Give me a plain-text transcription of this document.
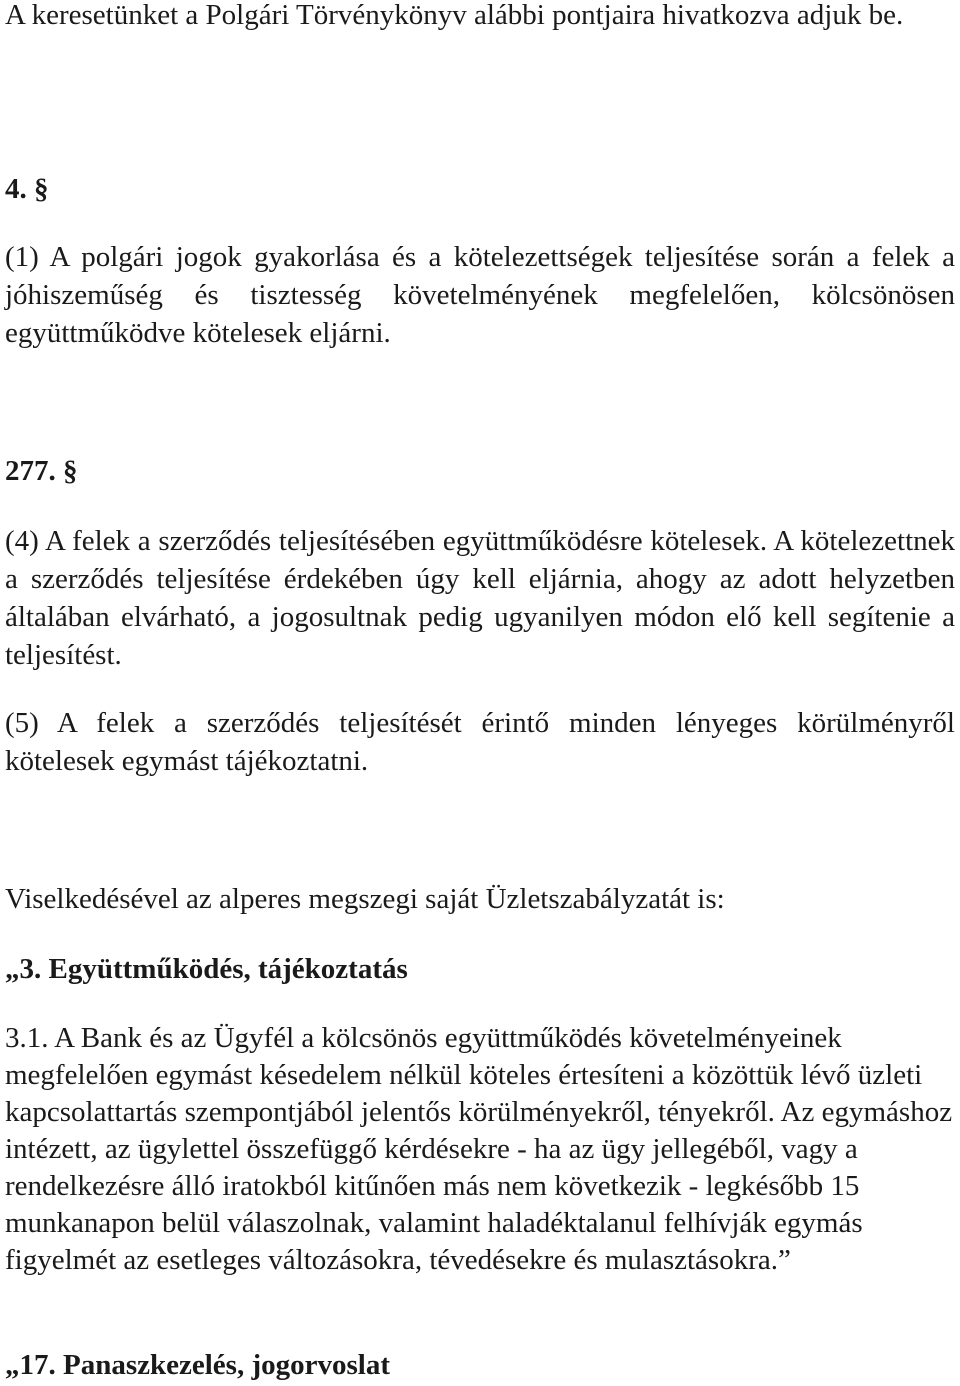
A keresetünket a Polgári Törvénykönyv alábbi pontjaira hivatkozva adjuk be.

4. §

(1) A polgári jogok gyakorlása és a kötelezettségek teljesítése során a felek a jóhiszeműség és tisztesség követelményének megfelelően, kölcsönösen együttműködve kötelesek eljárni.

277. §

(4) A felek a szerződés teljesítésében együttműködésre kötelesek. A kötelezettnek a szerződés teljesítése érdekében úgy kell eljárnia, ahogy az adott helyzetben általában elvárható, a jogosultnak pedig ugyanilyen módon elő kell segítenie a teljesítést.

(5) A felek a szerződés teljesítését érintő minden lényeges körülményről kötelesek egymást tájékoztatni.

Viselkedésével az alperes megszegi saját Üzletszabályzatát is:

„3. Együttműködés, tájékoztatás

3.1. A Bank és az Ügyfél a kölcsönös együttműködés követelményeinek megfelelően egymást késedelem nélkül köteles értesíteni a közöttük lévő üzleti kapcsolattartás szempontjából jelentős körülményekről, tényekről. Az egymáshoz intézett, az ügylettel összefüggő kérdésekre - ha az ügy jellegéből, vagy a rendelkezésre álló iratokból kitűnően más nem következik - legkésőbb 15 munkanapon belül válaszolnak, valamint haladéktalanul felhívják egymás figyelmét az esetleges változásokra, tévedésekre és mulasztásokra.”

„17. Panaszkezelés, jogorvoslat
